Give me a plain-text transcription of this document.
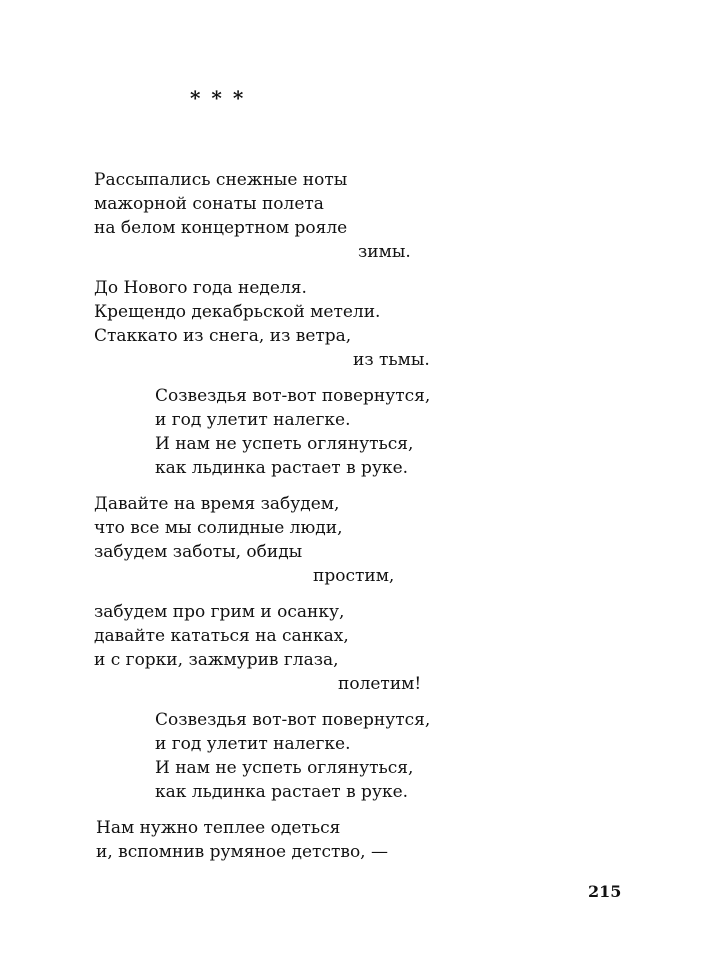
* * *
Рассыпались снежные ноты
мажорной сонаты полета
на белом концертном рояле
зимы.
До Нового года неделя.
Крещендо декабрьской метели.
Стаккато из снега, из ветра,
из тьмы.
Созвездья вот-вот повернутся,
и год улетит налегке.
И нам не успеть оглянуться,
как льдинка растает в руке.
Давайте на время забудем,
что все мы солидные люди,
забудем заботы, обиды
простим,
забудем про грим и осанку,
давайте кататься на санках,
и с горки, зажмурив глаза,
полетим!
Созвездья вот-вот повернутся,
и год улетит налегке.
И нам не успеть оглянуться,
как льдинка растает в руке.
Нам нужно теплее одеться
и, вспомнив румяное детство, —
215
